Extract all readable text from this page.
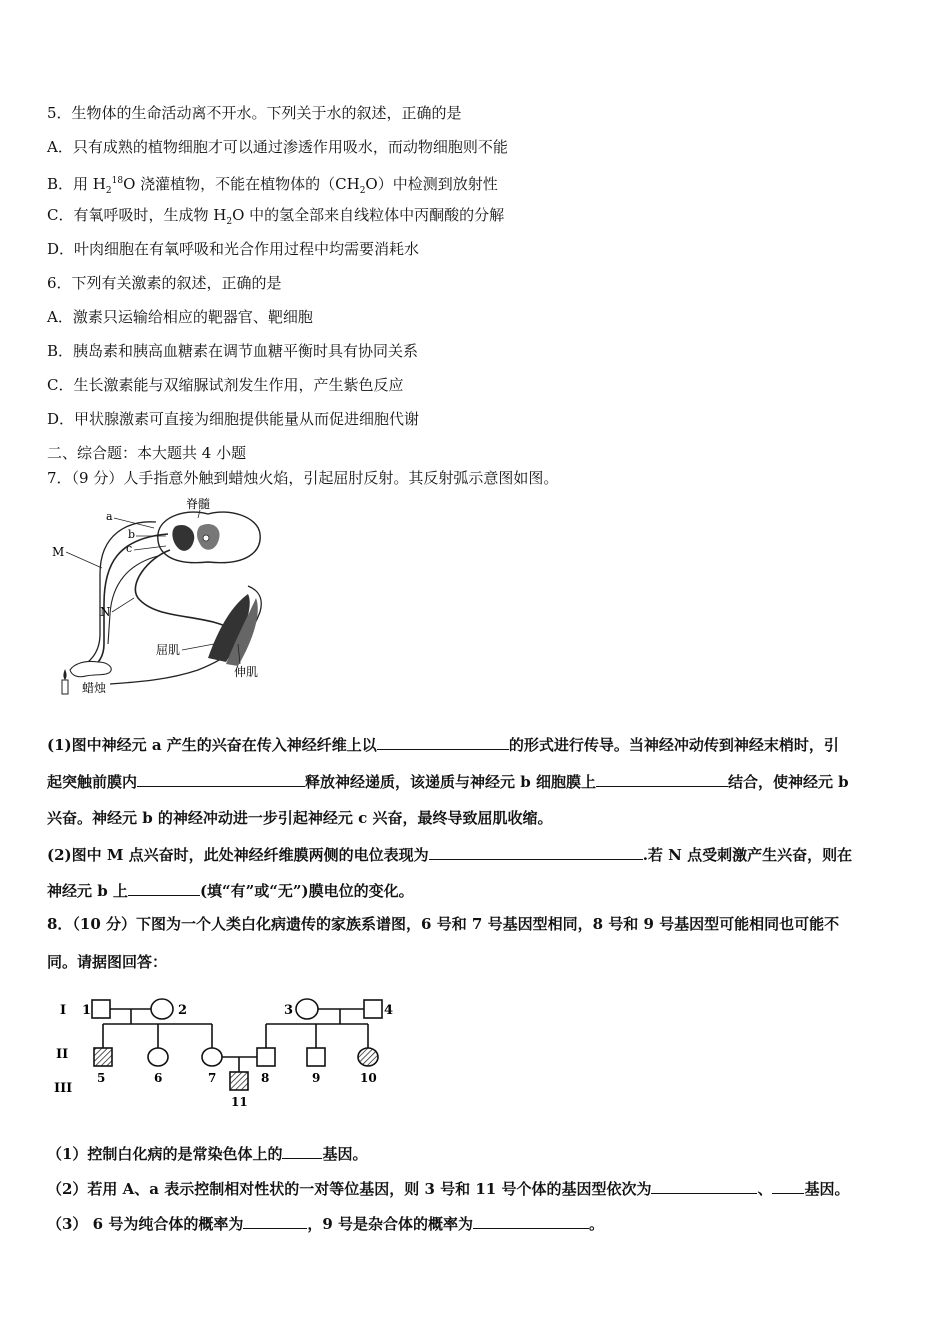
5．生物体的生命活动离不开水。下列关于水的叙述，正确的是
A．只有成熟的植物细胞才可以通过渗透作用吸水，而动物细胞则不能
B．用 $H_2^{18}O$ 浇灌植物，不能在植物体的$(CH_2O)$中检测到放射性
C．有氧呼吸时，生成物 $H_2O$ 中的氢全部来自线粒体中丙酮酸的分解
D．叶肉细胞在有氧呼吸和光合作用过程中均需要消耗水
6．下列有关激素的叙述，正确的是
A．激素只运输给相应的靶器官、靶细胞
B．胰岛素和胰高血糖素在调节血糖平衡时具有协同关系
C．生长激素能与双缩脲试剂发生作用，产生紫色反应
D．甲状腺激素可直接为细胞提供能量从而促进细胞代谢
二、综合题：本大题共 4 小题
7．（9 分）人手指意外触到蜡烛火焰，引起屈肘反射。其反射弧示意图如图。
脊髓
a
b
c
M
N
屈肌
伸肌
蜡烛
(1)图中神经元 a 产生的兴奋在传入神经纤维上以	的形式进行传导。当神经冲动传到神经末梢时，引
起突触前膜内	释放神经递质，该递质与神经元 b 细胞膜上	结合，使神经元 b
兴奋。神经元 b 的神经冲动进一步引起神经元 c 兴奋，最终导致屈肌收缩。
(2)图中 M 点兴奋时，此处神经纤维膜两侧的电位表现为	.若 N 点受刺激产生兴奋，则在
神经元 b 上	(填“有”或“无”)膜电位的变化。
8．（10 分）下图为一个人类白化病遗传的家族系谱图，6 号和 7 号基因型相同，8 号和 9 号基因型可能相同也可能不
同。请据图回答：
I
II
III
1	2	3	4
5	6	7	8	9	10
11
（1）控制白化病的是常染色体上的	基因。
（2）若用 A、a 表示控制相对性状的一对等位基因，则 3 号和 11 号个体的基因型依次为	、 基因。
（3） 6 号为纯合体的概率为	，9 号是杂合体的概率为	。
